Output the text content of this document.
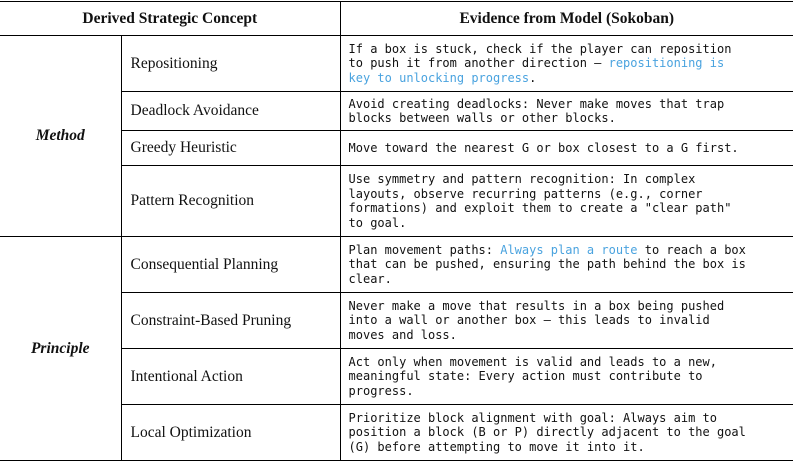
Derived Strategic Concept		Evidence from Model (Sokoban)
Method	Repositioning	If a box is stuck, check if the player can reposition
to push it from another direction – repositioning is
key to unlocking progress.
	Deadlock Avoidance	Avoid creating deadlocks: Never make moves that trap
blocks between walls or other blocks.
	Greedy Heuristic	Move toward the nearest G or box closest to a G first.
	Pattern Recognition	Use symmetry and pattern recognition: In complex
layouts, observe recurring patterns (e.g., corner
formations) and exploit them to create a "clear path"
to goal.
Principle	Consequential Planning	Plan movement paths: Always plan a route to reach a box
that can be pushed, ensuring the path behind the box is
clear.
	Constraint-Based Pruning	Never make a move that results in a box being pushed
into a wall or another box – this leads to invalid
moves and loss.
	Intentional Action	Act only when movement is valid and leads to a new,
meaningful state: Every action must contribute to
progress.
	Local Optimization	Prioritize block alignment with goal: Always aim to
position a block (B or P) directly adjacent to the goal
(G) before attempting to move it into it.
